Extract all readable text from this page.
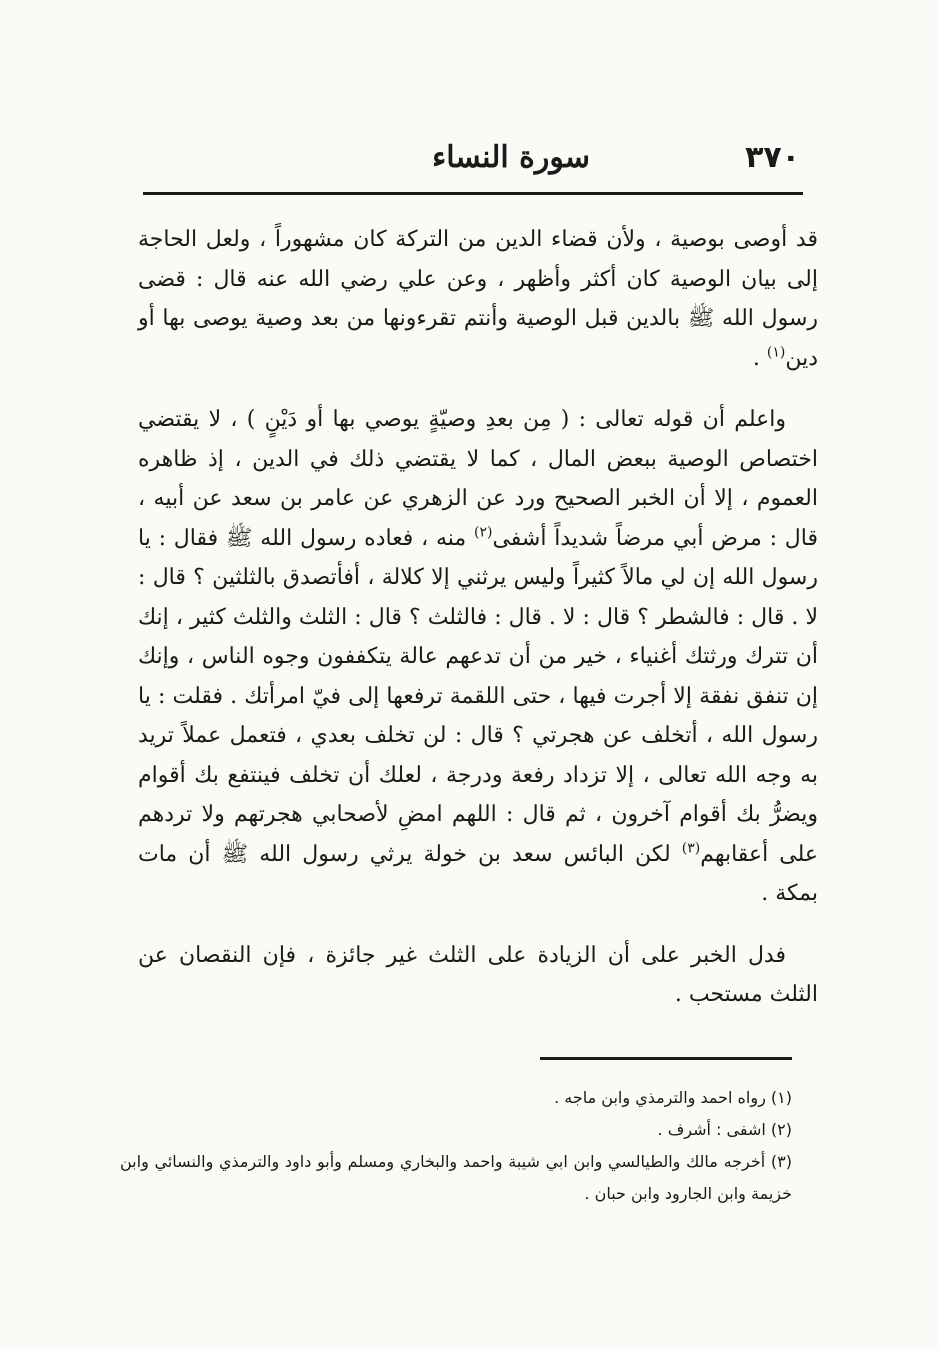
٣٧٠
سورة النساء

قد أوصى بوصية ، ولأن قضاء الدين من التركة كان مشهوراً ، ولعل الحاجة إلى بيان الوصية كان أكثر وأظهر ، وعن علي رضي الله عنه قال : قضى رسول الله ﷺ بالدين قبل الوصية وأنتم تقرءونها من بعد وصية يوصى بها أو دين$^{(١)}$ .

واعلم أن قوله تعالى : ( مِن بعدِ وصيّةٍ يوصي بها أو دَيْنٍ ) ، لا يقتضي اختصاص الوصية ببعض المال ، كما لا يقتضي ذلك في الدين ، إذ ظاهره العموم ، إلا أن الخبر الصحيح ورد عن الزهري عن عامر بن سعد عن أبيه ، قال : مرض أبي مرضاً شديداً أشفى$^{(٢)}$ منه ، فعاده رسول الله ﷺ فقال : يا رسول الله إن لي مالاً كثيراً وليس يرثني إلا كلالة ، أفأتصدق بالثلثين ؟ قال : لا . قال : فالشطر ؟ قال : لا . قال : فالثلث ؟ قال : الثلث والثلث كثير ، إنك أن تترك ورثتك أغنياء ، خير من أن تدعهم عالة يتكففون وجوه الناس ، وإنك إن تنفق نفقة إلا أجرت فيها ، حتى اللقمة ترفعها إلى فيّ امرأتك . فقلت : يا رسول الله ، أتخلف عن هجرتي ؟ قال : لن تخلف بعدي ، فتعمل عملاً تريد به وجه الله تعالى ، إلا تزداد رفعة ودرجة ، لعلك أن تخلف فينتفع بك أقوام ويضرُّ بك أقوام آخرون ، ثم قال : اللهم امضِ لأصحابي هجرتهم ولا تردهم على أعقابهم$^{(٣)}$ لكن البائس سعد بن خولة يرثي رسول الله ﷺ أن مات بمكة .

فدل الخبر على أن الزيادة على الثلث غير جائزة ، فإن النقصان عن الثلث مستحب .

(١) رواه احمد والترمذي وابن ماجه .

(٢) اشفى : أشرف .

(٣) أخرجه مالك والطيالسي وابن ابي شيبة واحمد والبخاري ومسلم وأبو داود والترمذي والنسائي وابن خزيمة وابن الجارود وابن حبان .
